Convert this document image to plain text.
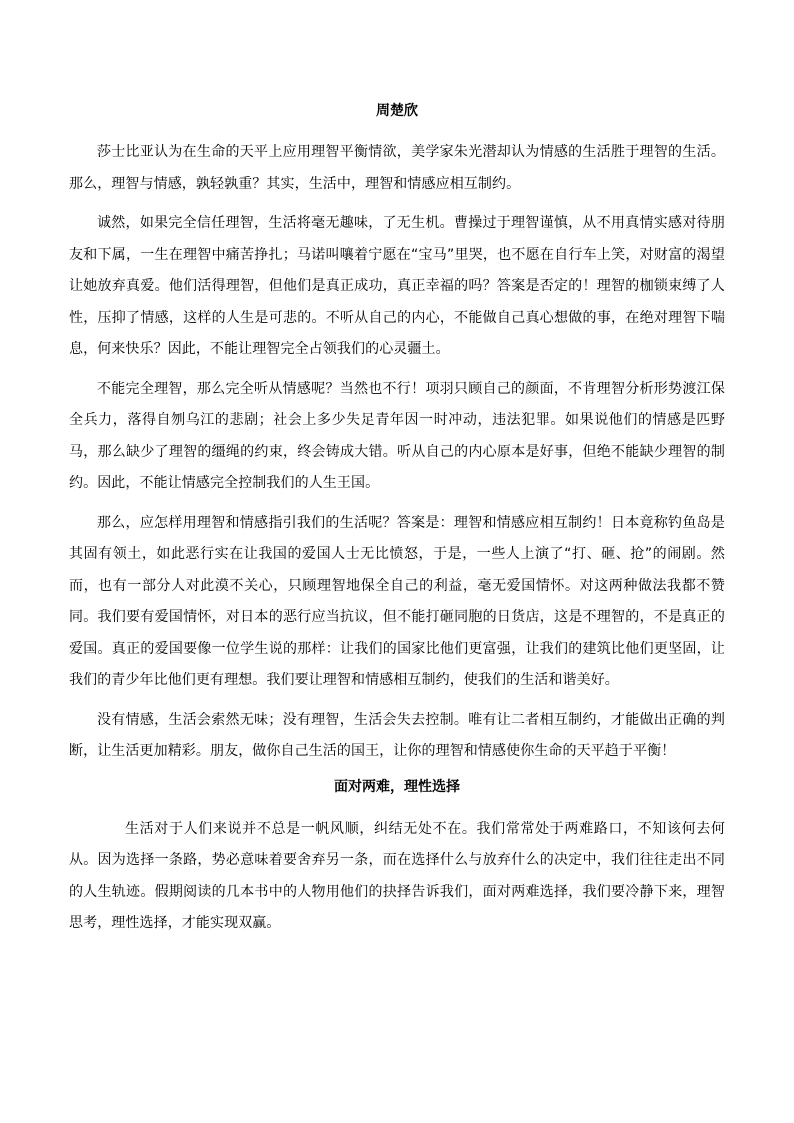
周楚欣

莎士比亚认为在生命的天平上应用理智平衡情欲，美学家朱光潜却认为情感的生活胜于理智的生活。那么，理智与情感，孰轻孰重？其实，生活中，理智和情感应相互制约。

诚然，如果完全信任理智，生活将毫无趣味，了无生机。曹操过于理智谨慎，从不用真情实感对待朋友和下属，一生在理智中痛苦挣扎；马诺叫嚷着宁愿在“宝马”里哭，也不愿在自行车上笑，对财富的渴望让她放弃真爱。他们活得理智，但他们是真正成功，真正幸福的吗？答案是否定的！理智的枷锁束缚了人性，压抑了情感，这样的人生是可悲的。不听从自己的内心，不能做自己真心想做的事，在绝对理智下喘息，何来快乐？因此，不能让理智完全占领我们的心灵疆土。

不能完全理智，那么完全听从情感呢？当然也不行！项羽只顾自己的颜面，不肯理智分析形势渡江保全兵力，落得自刎乌江的悲剧；社会上多少失足青年因一时冲动，违法犯罪。如果说他们的情感是匹野马，那么缺少了理智的缰绳的约束，终会铸成大错。听从自己的内心原本是好事，但绝不能缺少理智的制约。因此，不能让情感完全控制我们的人生王国。

那么，应怎样用理智和情感指引我们的生活呢？答案是：理智和情感应相互制约！日本竟称钓鱼岛是其固有领土，如此恶行实在让我国的爱国人士无比愤怒，于是，一些人上演了“打、砸、抢”的闹剧。然而，也有一部分人对此漠不关心，只顾理智地保全自己的利益，毫无爱国情怀。对这两种做法我都不赞同。我们要有爱国情怀，对日本的恶行应当抗议，但不能打砸同胞的日货店，这是不理智的，不是真正的爱国。真正的爱国要像一位学生说的那样：让我们的国家比他们更富强，让我们的建筑比他们更坚固，让我们的青少年比他们更有理想。我们要让理智和情感相互制约，使我们的生活和谐美好。

没有情感，生活会索然无味；没有理智，生活会失去控制。唯有让二者相互制约，才能做出正确的判断，让生活更加精彩。朋友，做你自己生活的国王，让你的理智和情感使你生命的天平趋于平衡！

面对两难，理性选择

生活对于人们来说并不总是一帆风顺，纠结无处不在。我们常常处于两难路口，不知该何去何从。因为选择一条路，势必意味着要舍弃另一条，而在选择什么与放弃什么的决定中，我们往往走出不同的人生轨迹。假期阅读的几本书中的人物用他们的抉择告诉我们，面对两难选择，我们要冷静下来，理智思考，理性选择，才能实现双赢。
